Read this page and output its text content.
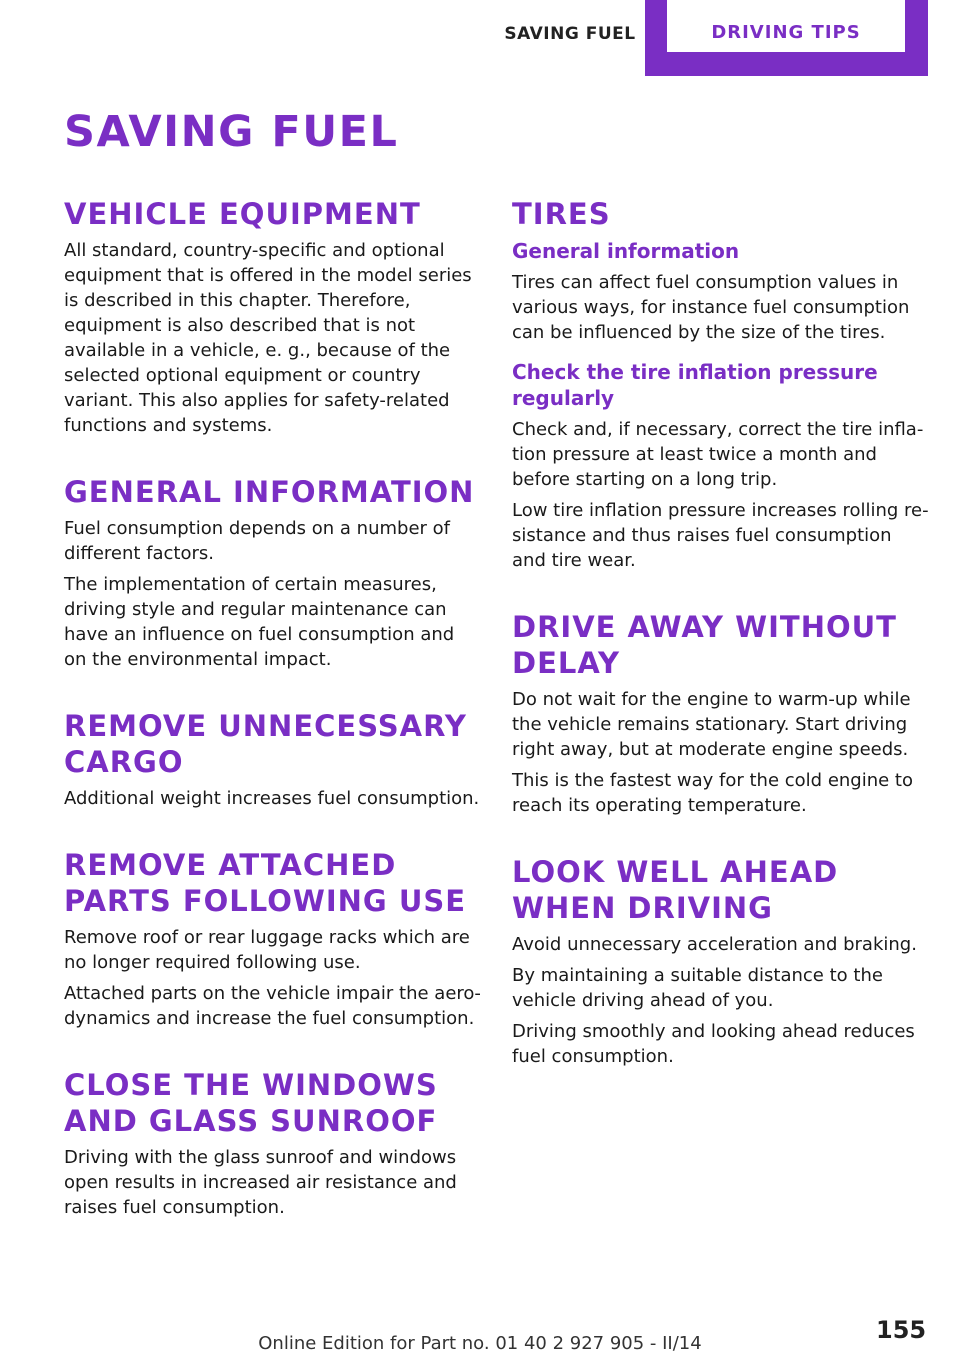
SAVING FUEL	DRIVING TIPS
SAVING FUEL
VEHICLE EQUIPMENT

All standard, country-specific and optional equipment that is offered in the model series is described in this chapter. Therefore, equipment is also described that is not available in a vehicle, e. g., because of the selected optional equipment or country variant. This also applies for safety-related functions and systems.

GENERAL INFORMATION

Fuel consumption depends on a number of different factors.

The implementation of certain measures, driving style and regular maintenance can have an influence on fuel consumption and on the environmental impact.

REMOVE UNNECESSARY CARGO

Additional weight increases fuel consumption.

REMOVE ATTACHED PARTS FOLLOWING USE

Remove roof or rear luggage racks which are no longer required following use.

Attached parts on the vehicle impair the aerodynamics and increase the fuel consumption.

CLOSE THE WINDOWS AND GLASS SUNROOF

Driving with the glass sunroof and windows open results in increased air resistance and raises fuel consumption.

TIRES
General information

Tires can affect fuel consumption values in various ways, for instance fuel consumption can be influenced by the size of the tires.

Check the tire inflation pressure regularly

Check and, if necessary, correct the tire inflation pressure at least twice a month and before starting on a long trip.

Low tire inflation pressure increases rolling resistance and thus raises fuel consumption and tire wear.

DRIVE AWAY WITHOUT DELAY

Do not wait for the engine to warm-up while the vehicle remains stationary. Start driving right away, but at moderate engine speeds.

This is the fastest way for the cold engine to reach its operating temperature.

LOOK WELL AHEAD WHEN DRIVING

Avoid unnecessary acceleration and braking.

By maintaining a suitable distance to the vehicle driving ahead of you.

Driving smoothly and looking ahead reduces fuel consumption.

155
Online Edition for Part no. 01 40 2 927 905 - II/14
